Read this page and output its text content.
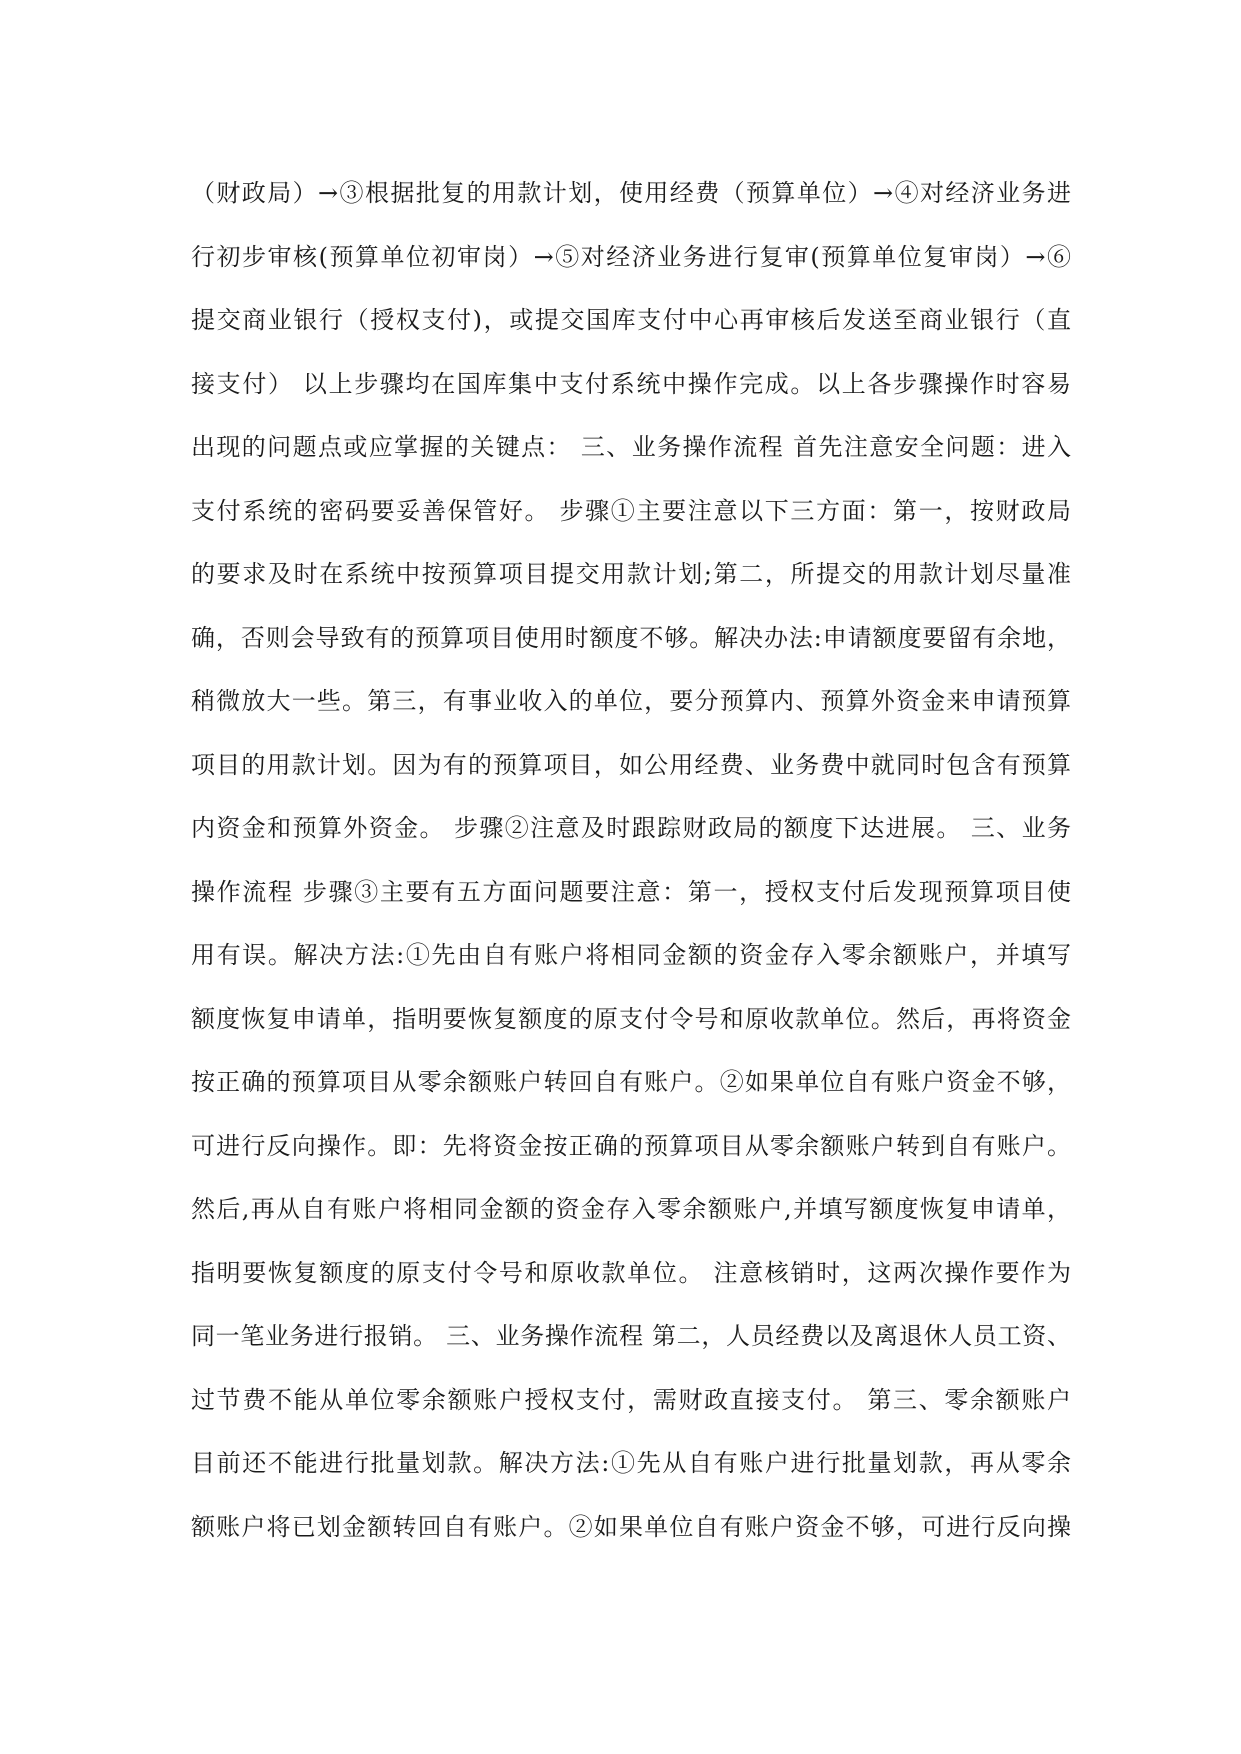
（财政局）→③根据批复的用款计划，使用经费（预算单位）→④对经济业务进
行初步审核(预算单位初审岗）→⑤对经济业务进行复审(预算单位复审岗）→⑥
提交商业银行（授权支付)，或提交国库支付中心再审核后发送至商业银行（直
接支付） 以上步骤均在国库集中支付系统中操作完成。以上各步骤操作时容易
出现的问题点或应掌握的关键点： 三、业务操作流程 首先注意安全问题：进入
支付系统的密码要妥善保管好。 步骤①主要注意以下三方面：第一，按财政局
的要求及时在系统中按预算项目提交用款计划;第二，所提交的用款计划尽量准
确，否则会导致有的预算项目使用时额度不够。解决办法:申请额度要留有余地，
稍微放大一些。第三，有事业收入的单位，要分预算内、预算外资金来申请预算
项目的用款计划。因为有的预算项目，如公用经费、业务费中就同时包含有预算
内资金和预算外资金。 步骤②注意及时跟踪财政局的额度下达进展。 三、业务
操作流程 步骤③主要有五方面问题要注意：第一，授权支付后发现预算项目使
用有误。解决方法:①先由自有账户将相同金额的资金存入零余额账户，并填写
额度恢复申请单，指明要恢复额度的原支付令号和原收款单位。然后，再将资金
按正确的预算项目从零余额账户转回自有账户。②如果单位自有账户资金不够，
可进行反向操作。即：先将资金按正确的预算项目从零余额账户转到自有账户。
然后,再从自有账户将相同金额的资金存入零余额账户,并填写额度恢复申请单，
指明要恢复额度的原支付令号和原收款单位。 注意核销时，这两次操作要作为
同一笔业务进行报销。 三、业务操作流程 第二，人员经费以及离退休人员工资、
过节费不能从单位零余额账户授权支付，需财政直接支付。 第三、零余额账户
目前还不能进行批量划款。解决方法:①先从自有账户进行批量划款，再从零余
额账户将已划金额转回自有账户。②如果单位自有账户资金不够，可进行反向操
